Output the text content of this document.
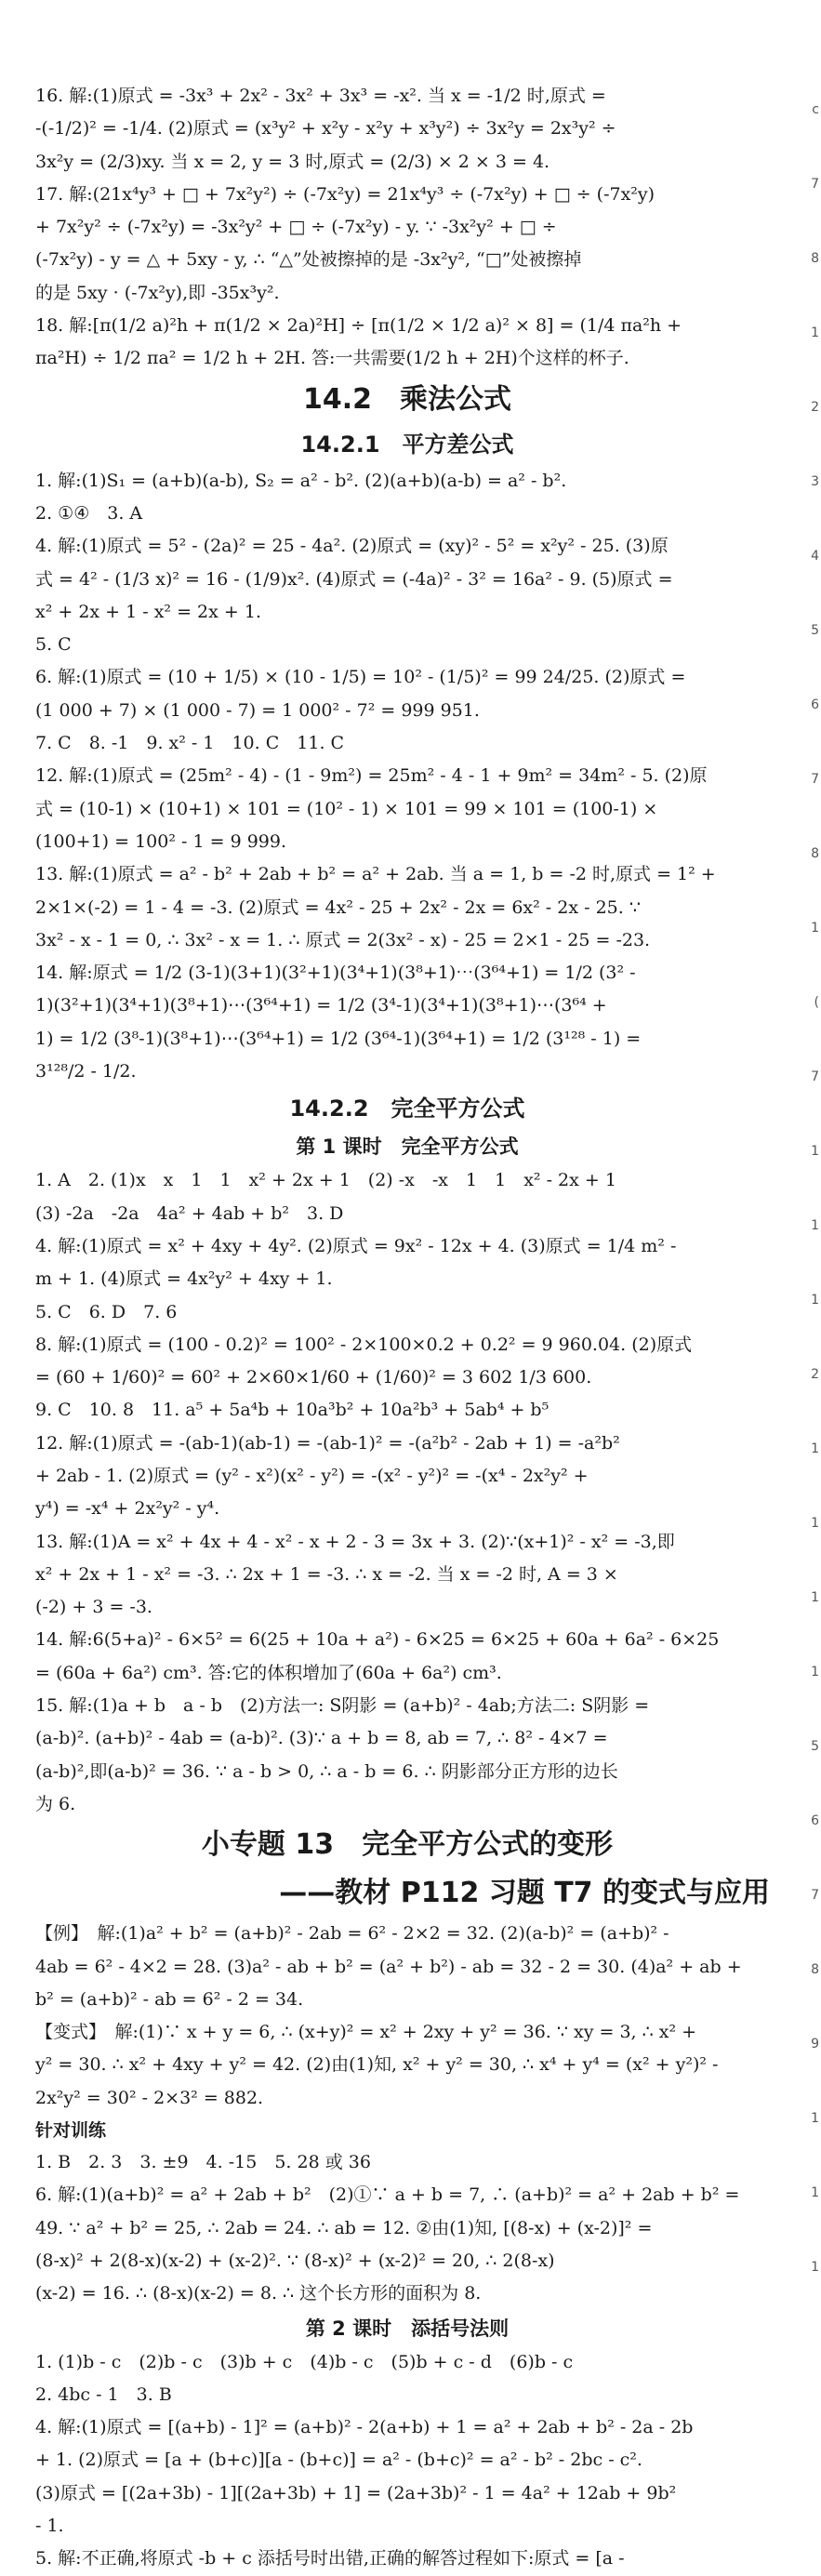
16. 解:(1)原式 = -3x³ + 2x² - 3x² + 3x³ = -x². 当 x = -1/2 时,原式 =
-(-1/2)² = -1/4. (2)原式 = (x³y² + x²y - x²y + x³y²) ÷ 3x²y = 2x³y² ÷
3x²y = (2/3)xy. 当 x = 2, y = 3 时,原式 = (2/3) × 2 × 3 = 4.
17. 解:(21x⁴y³ + □ + 7x²y²) ÷ (-7x²y) = 21x⁴y³ ÷ (-7x²y) + □ ÷ (-7x²y)
+ 7x²y² ÷ (-7x²y) = -3x²y² + □ ÷ (-7x²y) - y. ∵ -3x²y² + □ ÷
(-7x²y) - y = △ + 5xy - y, ∴ “△”处被擦掉的是 -3x²y², “□”处被擦掉
的是 5xy · (-7x²y),即 -35x³y².
18. 解:[π(1/2 a)²h + π(1/2 × 2a)²H] ÷ [π(1/2 × 1/2 a)² × 8] = (1/4 πa²h +
πa²H) ÷ 1/2 πa² = 1/2 h + 2H. 答:一共需要(1/2 h + 2H)个这样的杯子.
14.2　乘法公式
14.2.1　平方差公式
1. 解:(1)S₁ = (a+b)(a-b), S₂ = a² - b². (2)(a+b)(a-b) = a² - b².
2. ①④　3. A
4. 解:(1)原式 = 5² - (2a)² = 25 - 4a². (2)原式 = (xy)² - 5² = x²y² - 25. (3)原
式 = 4² - (1/3 x)² = 16 - (1/9)x². (4)原式 = (-4a)² - 3² = 16a² - 9. (5)原式 =
x² + 2x + 1 - x² = 2x + 1.
5. C
6. 解:(1)原式 = (10 + 1/5) × (10 - 1/5) = 10² - (1/5)² = 99 24/25. (2)原式 =
(1 000 + 7) × (1 000 - 7) = 1 000² - 7² = 999 951.
7. C　8. -1　9. x² - 1　10. C　11. C
12. 解:(1)原式 = (25m² - 4) - (1 - 9m²) = 25m² - 4 - 1 + 9m² = 34m² - 5. (2)原
式 = (10-1) × (10+1) × 101 = (10² - 1) × 101 = 99 × 101 = (100-1) ×
(100+1) = 100² - 1 = 9 999.
13. 解:(1)原式 = a² - b² + 2ab + b² = a² + 2ab. 当 a = 1, b = -2 时,原式 = 1² +
2×1×(-2) = 1 - 4 = -3. (2)原式 = 4x² - 25 + 2x² - 2x = 6x² - 2x - 25. ∵
3x² - x - 1 = 0, ∴ 3x² - x = 1. ∴ 原式 = 2(3x² - x) - 25 = 2×1 - 25 = -23.
14. 解:原式 = 1/2 (3-1)(3+1)(3²+1)(3⁴+1)(3⁸+1)⋯(3⁶⁴+1) = 1/2 (3² -
1)(3²+1)(3⁴+1)(3⁸+1)⋯(3⁶⁴+1) = 1/2 (3⁴-1)(3⁴+1)(3⁸+1)⋯(3⁶⁴ +
1) = 1/2 (3⁸-1)(3⁸+1)⋯(3⁶⁴+1) = 1/2 (3⁶⁴-1)(3⁶⁴+1) = 1/2 (3¹²⁸ - 1) =
3¹²⁸/2 - 1/2.
14.2.2　完全平方公式
第 1 课时　完全平方公式
1. A　2. (1)x　x　1　1　x² + 2x + 1　(2) -x　-x　1　1　x² - 2x + 1
(3) -2a　-2a　4a² + 4ab + b²　3. D
4. 解:(1)原式 = x² + 4xy + 4y². (2)原式 = 9x² - 12x + 4. (3)原式 = 1/4 m² -
m + 1. (4)原式 = 4x²y² + 4xy + 1.
5. C　6. D　7. 6
8. 解:(1)原式 = (100 - 0.2)² = 100² - 2×100×0.2 + 0.2² = 9 960.04. (2)原式
= (60 + 1/60)² = 60² + 2×60×1/60 + (1/60)² = 3 602 1/3 600.
9. C　10. 8　11. a⁵ + 5a⁴b + 10a³b² + 10a²b³ + 5ab⁴ + b⁵
12. 解:(1)原式 = -(ab-1)(ab-1) = -(ab-1)² = -(a²b² - 2ab + 1) = -a²b²
+ 2ab - 1. (2)原式 = (y² - x²)(x² - y²) = -(x² - y²)² = -(x⁴ - 2x²y² +
y⁴) = -x⁴ + 2x²y² - y⁴.
13. 解:(1)A = x² + 4x + 4 - x² - x + 2 - 3 = 3x + 3. (2)∵(x+1)² - x² = -3,即
x² + 2x + 1 - x² = -3. ∴ 2x + 1 = -3. ∴ x = -2. 当 x = -2 时, A = 3 ×
(-2) + 3 = -3.
14. 解:6(5+a)² - 6×5² = 6(25 + 10a + a²) - 6×25 = 6×25 + 60a + 6a² - 6×25
= (60a + 6a²) cm³. 答:它的体积增加了(60a + 6a²) cm³.
15. 解:(1)a + b　a - b　(2)方法一: S阴影 = (a+b)² - 4ab;方法二: S阴影 =
(a-b)². (a+b)² - 4ab = (a-b)². (3)∵ a + b = 8, ab = 7, ∴ 8² - 4×7 =
(a-b)²,即(a-b)² = 36. ∵ a - b > 0, ∴ a - b = 6. ∴ 阴影部分正方形的边长
为 6.
小专题 13　完全平方公式的变形
——教材 P112 习题 T7 的变式与应用
【例】　解:(1)a² + b² = (a+b)² - 2ab = 6² - 2×2 = 32. (2)(a-b)² = (a+b)² -
4ab = 6² - 4×2 = 28. (3)a² - ab + b² = (a² + b²) - ab = 32 - 2 = 30. (4)a² + ab +
b² = (a+b)² - ab = 6² - 2 = 34.
【变式】　解:(1)∵ x + y = 6, ∴ (x+y)² = x² + 2xy + y² = 36. ∵ xy = 3, ∴ x² +
y² = 30. ∴ x² + 4xy + y² = 42. (2)由(1)知, x² + y² = 30, ∴ x⁴ + y⁴ = (x² + y²)² -
2x²y² = 30² - 2×3² = 882.
针对训练
1. B　2. 3　3. ±9　4. -15　5. 28 或 36
6. 解:(1)(a+b)² = a² + 2ab + b²　(2)①∵ a + b = 7, ∴ (a+b)² = a² + 2ab + b² =
49. ∵ a² + b² = 25, ∴ 2ab = 24. ∴ ab = 12. ②由(1)知, [(8-x) + (x-2)]² =
(8-x)² + 2(8-x)(x-2) + (x-2)². ∵ (8-x)² + (x-2)² = 20, ∴ 2(8-x)
(x-2) = 16. ∴ (8-x)(x-2) = 8. ∴ 这个长方形的面积为 8.
第 2 课时　添括号法则
1. (1)b - c　(2)b - c　(3)b + c　(4)b - c　(5)b + c - d　(6)b - c
2. 4bc - 1　3. B
4. 解:(1)原式 = [(a+b) - 1]² = (a+b)² - 2(a+b) + 1 = a² + 2ab + b² - 2a - 2b
+ 1. (2)原式 = [a + (b+c)][a - (b+c)] = a² - (b+c)² = a² - b² - 2bc - c².
(3)原式 = [(2a+3b) - 1][(2a+3b) + 1] = (2a+3b)² - 1 = 4a² + 12ab + 9b²
- 1.
5. 解:不正确,将原式 -b + c 添括号时出错,正确的解答过程如下:原式 = [a -
c
7
8
1
2
3
4
5
6
7
8
1
(
7
1
1
1
2
1
1
1
1
5
6
7
8
9
1
1
1
